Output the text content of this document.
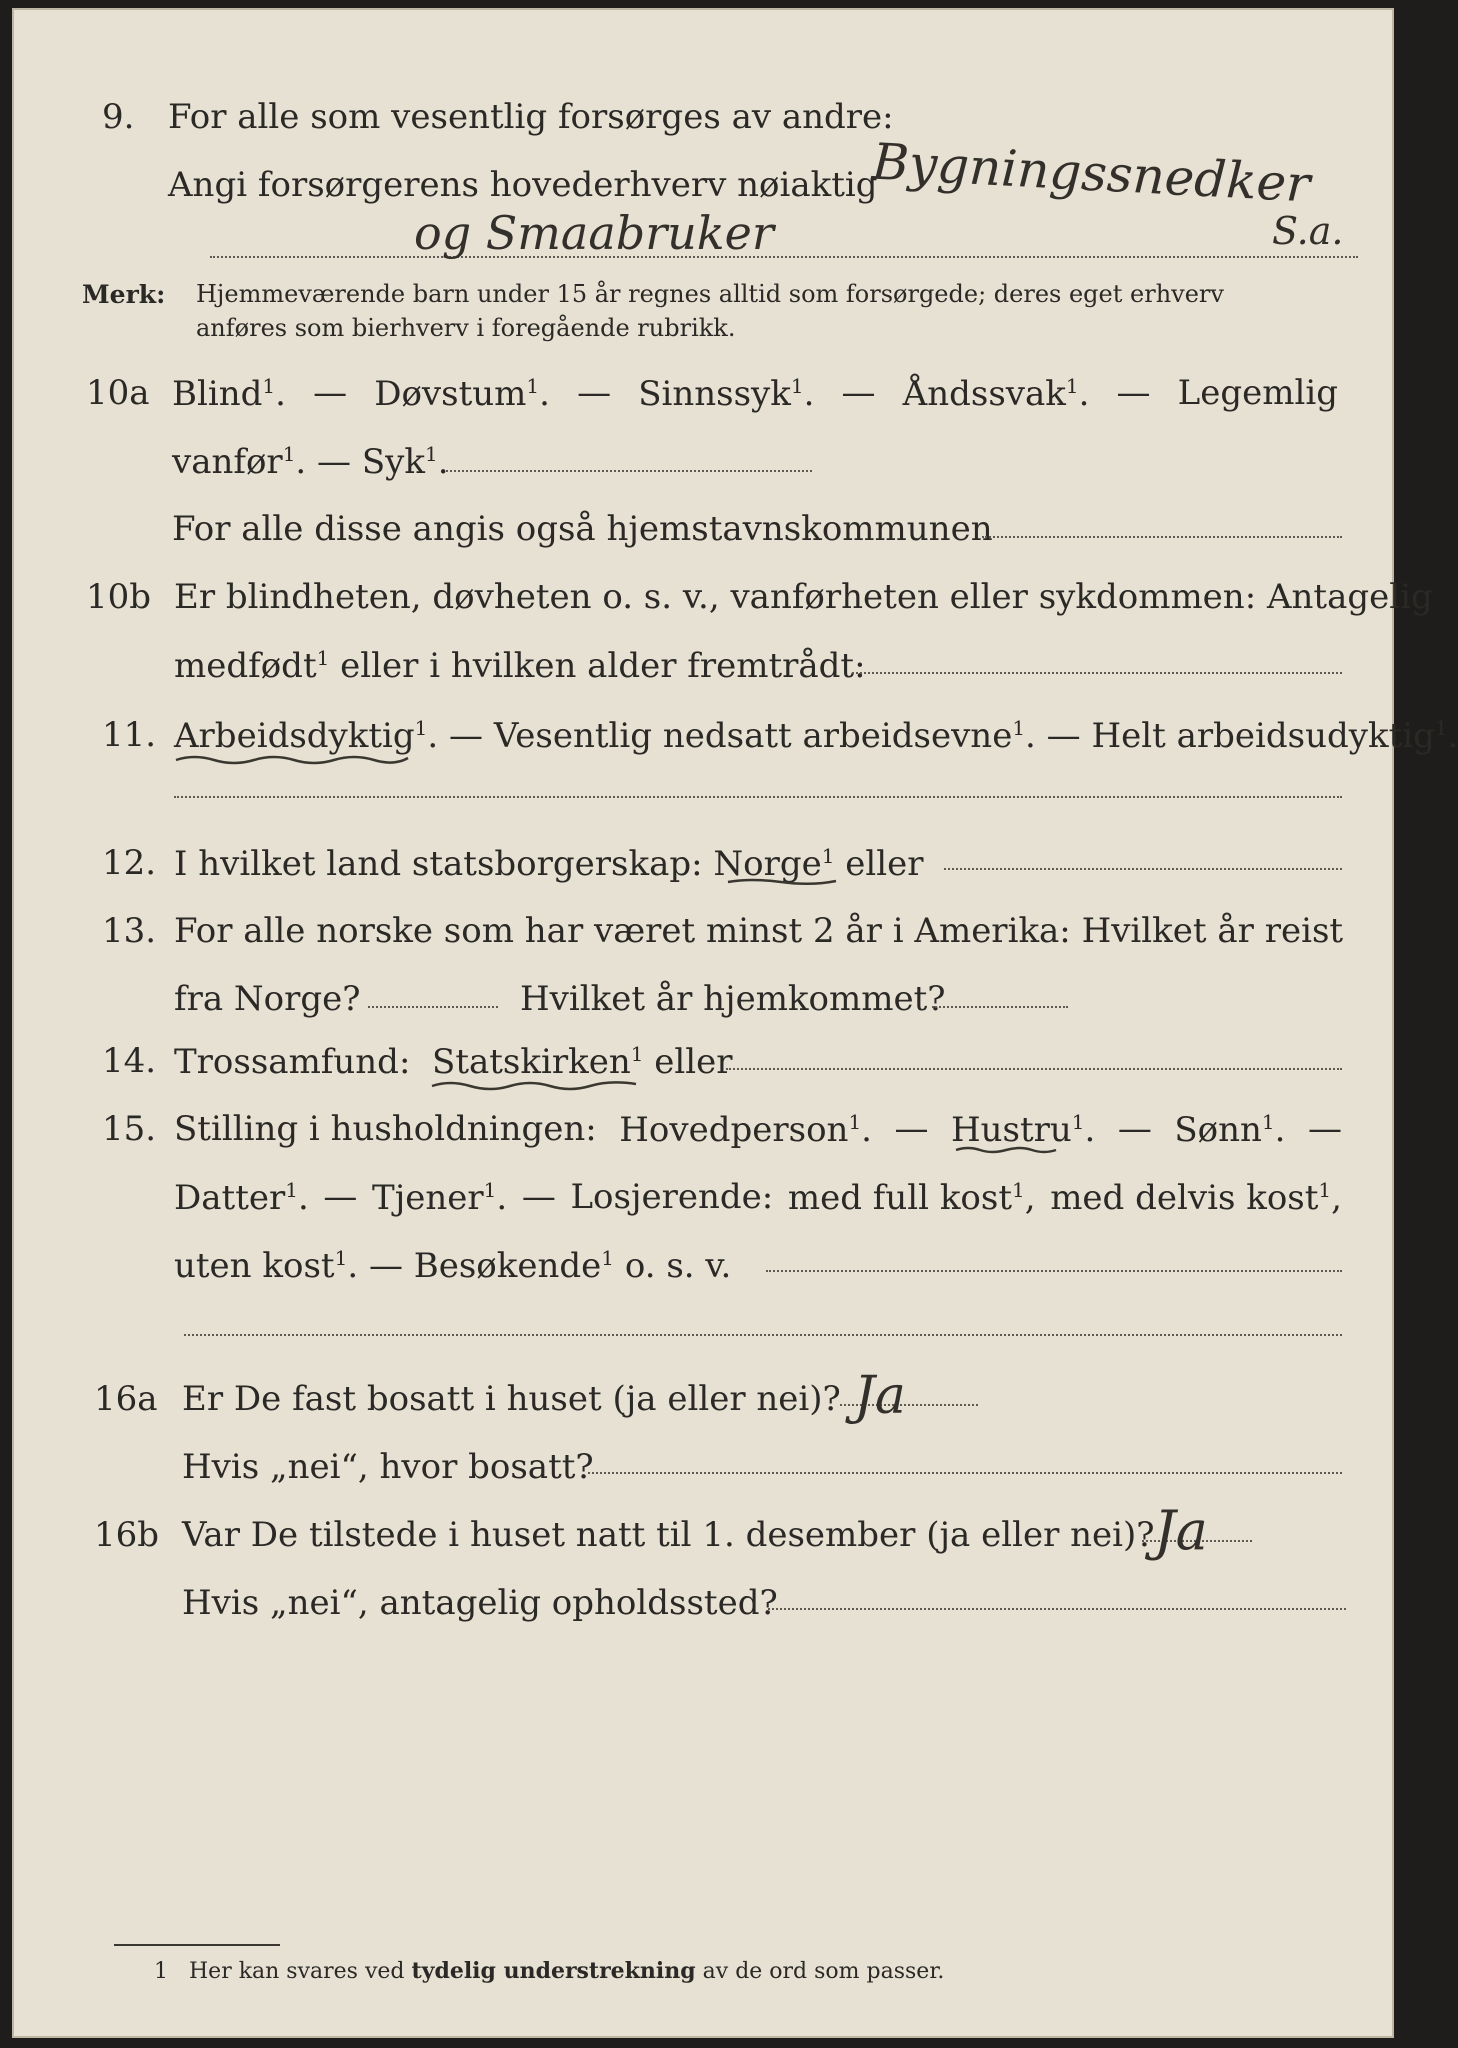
9. For alle som vesentlig forsørges av andre:
Angi forsørgerens hovederhverv nøiaktig
Bygningssnedker
og Smaabruker	S.a.
Merk: Hjemmeværende barn under 15 år regnes alltid som forsørgede; deres eget erhverv
anføres som bierhverv i foregående rubrikk.
10a Blind$^1$. — Døvstum$^1$. — Sinnssyk$^1$. — Åndssvak$^1$. — Legemlig
vanfør$^1$. — Syk$^1$.
For alle disse angis også hjemstavnskommunen
10b Er blindheten, døvheten o. s. v., vanførheten eller sykdommen: Antagelig
medfødt$^1$ eller i hvilken alder fremtrådt:
11. Arbeidsdyktig$^1$. — Vesentlig nedsatt arbeidsevne$^1$. — Helt arbeidsudyktig$^1$.
12. I hvilket land statsborgerskap: Norge$^1$ eller
13. For alle norske som har været minst 2 år i Amerika: Hvilket år reist
fra Norge?	Hvilket år hjemkommet?
14. Trossamfund: Statskirken$^1$ eller
15. Stilling i husholdningen: Hovedperson$^1$. — Hustru$^1$. — Sønn$^1$. —
Datter$^1$. — Tjener$^1$. — Losjerende: med full kost$^1$, med delvis kost$^1$,
uten kost$^1$. — Besøkende$^1$ o. s. v.
16a Er De fast bosatt i huset (ja eller nei)? Ja
Hvis „nei“, hvor bosatt?
16b Var De tilstede i huset natt til 1. desember (ja eller nei)? Ja
Hvis „nei“, antagelig opholdssted?
1 Her kan svares ved tydelig understrekning av de ord som passer.
